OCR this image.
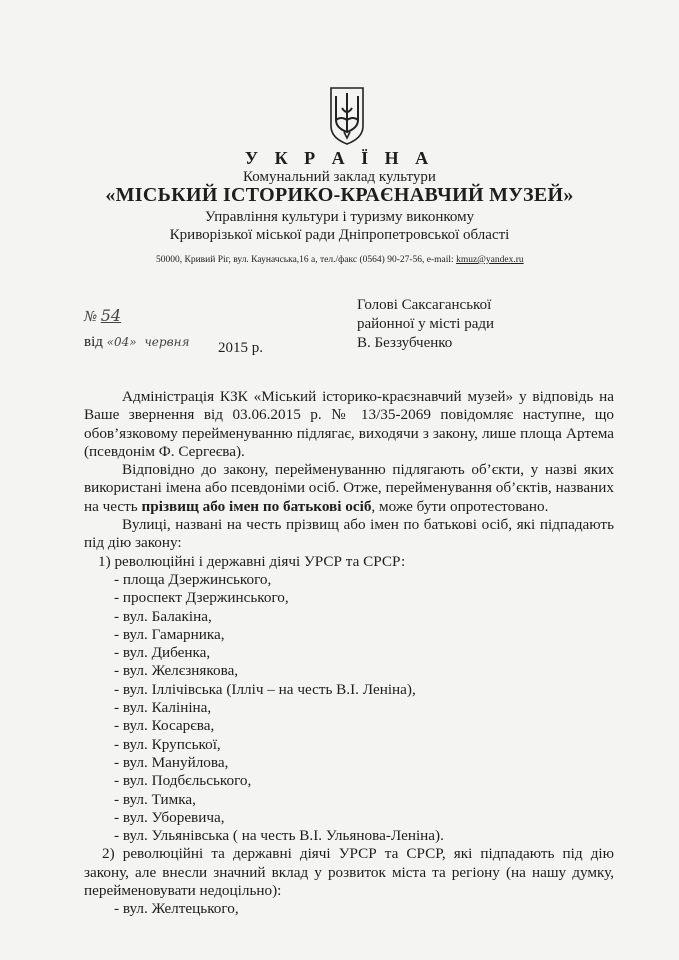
У К Р А Ї Н А
Комунальний заклад культури
«МІСЬКИЙ ІСТОРИКО-КРАЄНАВЧИЙ МУЗЕЙ»
Управління культури і туризму виконкому
Криворізької міської ради Дніпропетровської області
50000, Кривий Ріг, вул. Кауначська,16 а, тел./факс (0564) 90-27-56, e-mail: kmuz@yandex.ru
№ 54
від «04» червня 2015 р.
Голові Саксаганської
районної у місті ради
В. Беззубченко

Адміністрація КЗК «Міський історико-краєзнавчий музей» у відповідь на Ваше звернення від 03.06.2015 р. № 13/35-2069 повідомляє наступне, що обов’язковому перейменуванню підлягає, виходячи з закону, лише площа Артема (псевдонім Ф. Сергеєва).

Відповідно до закону, перейменуванню підлягають об’єкти, у назві яких використані імена або псевдоніми осіб. Отже, перейменування об’єктів, названих на честь прізвищ або імен по батькові осіб, може бути опротестовано.

Вулиці, названі на честь прізвищ або імен по батькові осіб, які підпадають під дію закону:

1) революційні і державні діячі УРСР та СРСР:

- площа Дзержинського,
- проспект Дзержинського,
- вул. Балакіна,
- вул. Гамарника,
- вул. Дибенка,
- вул. Желєзнякова,
- вул. Іллічівська (Ілліч – на честь В.І. Леніна),
- вул. Калініна,
- вул. Косарєва,
- вул. Крупської,
- вул. Мануйлова,
- вул. Подбєльського,
- вул. Тимка,
- вул. Уборевича,
- вул. Ульянівська ( на честь В.І. Ульянова-Леніна).

2) революційні та державні діячі УРСР та СРСР, які підпадають під дію закону, але внесли значний вклад у розвиток міста та регіону (на нашу думку, перейменовувати недоцільно):

- вул. Желтецького,
